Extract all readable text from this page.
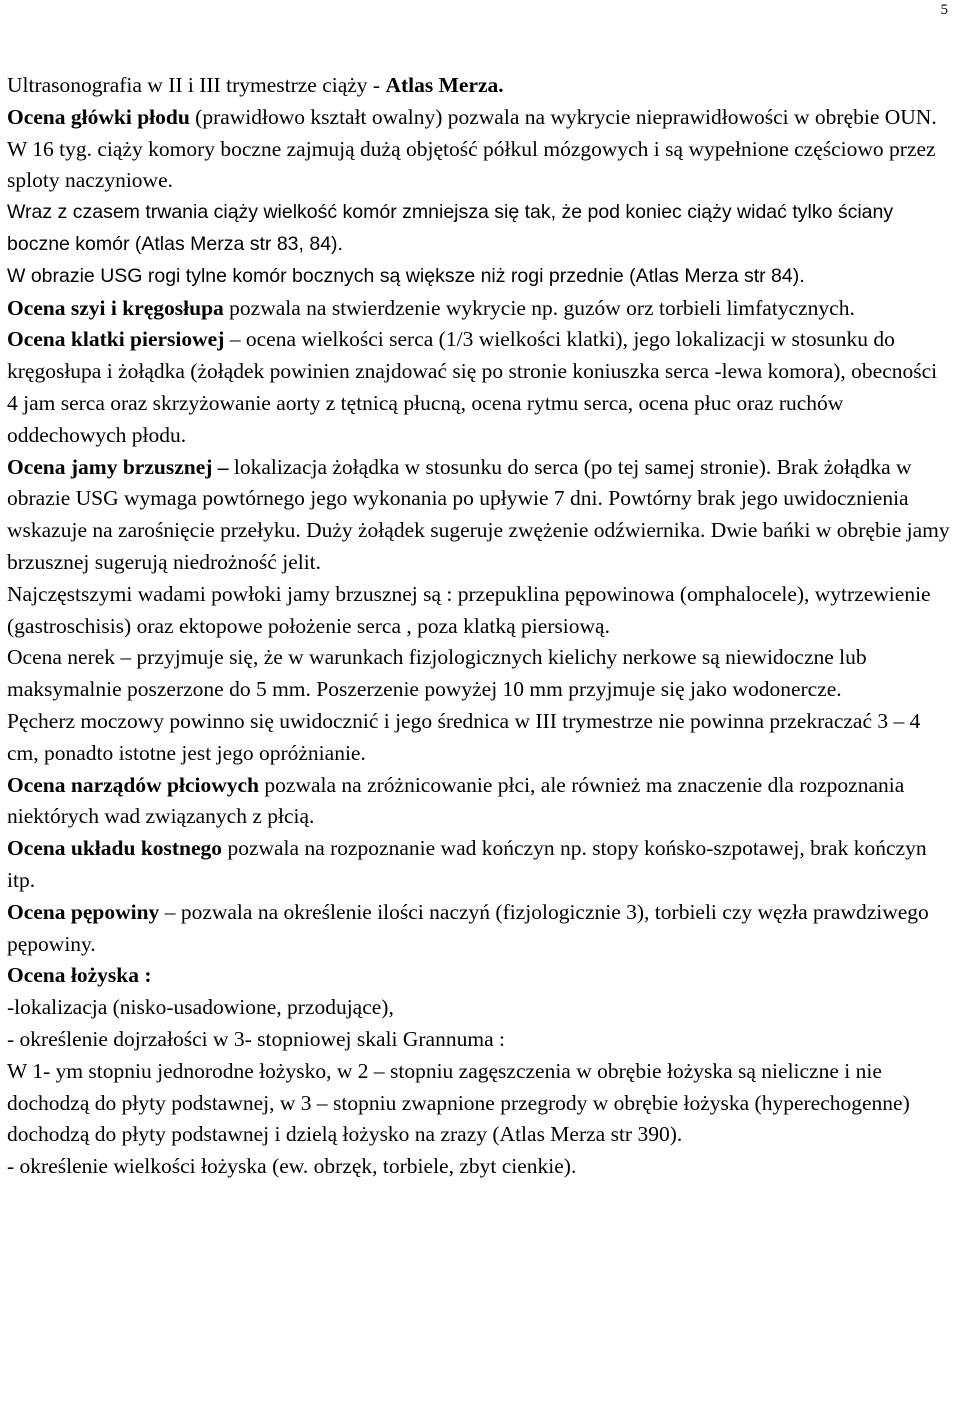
5

Ultrasonografia w II i III trymestrze ciąży - Atlas Merza.

Ocena główki płodu (prawidłowo kształt owalny) pozwala na wykrycie nieprawidłowości w obrębie OUN. W 16 tyg. ciąży komory boczne zajmują dużą objętość półkul mózgowych i są wypełnione częściowo przez sploty naczyniowe.

Wraz z czasem trwania ciąży wielkość komór zmniejsza się tak, że pod koniec ciąży widać tylko ściany boczne komór (Atlas Merza str 83, 84).

W obrazie USG rogi tylne komór bocznych są większe niż rogi przednie (Atlas Merza str 84).

Ocena szyi i kręgosłupa pozwala na stwierdzenie wykrycie np. guzów orz torbieli limfatycznych.

Ocena klatki piersiowej – ocena wielkości serca (1/3 wielkości klatki), jego lokalizacji w stosunku do kręgosłupa i żołądka (żołądek powinien znajdować się po stronie koniuszka serca -lewa komora), obecności 4 jam serca oraz skrzyżowanie aorty z tętnicą płucną, ocena rytmu serca, ocena płuc oraz ruchów oddechowych płodu.

Ocena jamy brzusznej – lokalizacja żołądka w stosunku do serca (po tej samej stronie). Brak żołądka w obrazie USG wymaga powtórnego jego wykonania po upływie 7 dni. Powtórny brak jego uwidocznienia wskazuje na zarośnięcie przełyku. Duży żołądek sugeruje zwężenie odźwiernika. Dwie bańki w obrębie jamy brzusznej sugerują niedrożność jelit.

Najczęstszymi wadami powłoki jamy brzusznej są : przepuklina pępowinowa (omphalocele), wytrzewienie (gastroschisis) oraz ektopowe położenie serca , poza klatką piersiową.

Ocena nerek – przyjmuje się, że w warunkach fizjologicznych kielichy nerkowe są niewidoczne lub maksymalnie poszerzone do 5 mm. Poszerzenie powyżej 10 mm przyjmuje się jako wodonercze.

Pęcherz moczowy powinno się uwidocznić i jego średnica w III trymestrze nie powinna przekraczać 3 – 4 cm, ponadto istotne jest jego opróżnianie.

Ocena narządów płciowych pozwala na zróżnicowanie płci, ale również ma znaczenie dla rozpoznania niektórych wad związanych z płcią.

Ocena układu kostnego pozwala na rozpoznanie wad kończyn np. stopy końsko-szpotawej, brak kończyn itp.

Ocena pępowiny – pozwala na określenie ilości naczyń (fizjologicznie 3), torbieli czy węzła prawdziwego pępowiny.

Ocena łożyska :

-lokalizacja (nisko-usadowione, przodujące),

- określenie dojrzałości w 3- stopniowej skali Grannuma :

W 1- ym stopniu jednorodne łożysko, w 2 – stopniu zagęszczenia w obrębie łożyska są nieliczne i nie dochodzą do płyty podstawnej, w 3 – stopniu zwapnione przegrody w obrębie łożyska (hyperechogenne) dochodzą do płyty podstawnej i dzielą łożysko na zrazy (Atlas Merza str 390).

- określenie wielkości łożyska (ew. obrzęk, torbiele, zbyt cienkie).
